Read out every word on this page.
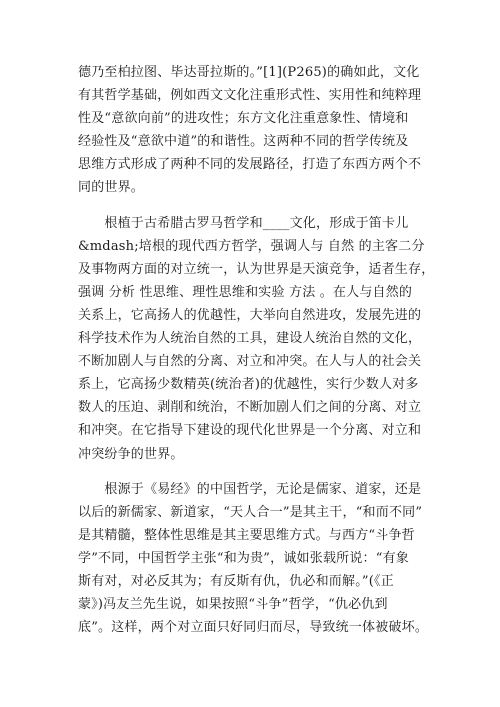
德乃至柏拉图、毕达哥拉斯的。”[1](P265)的确如此，文化
有其哲学基础，例如西文文化注重形式性、实用性和纯粹理
性及“意欲向前”的进攻性；东方文化注重意象性、情境和
经验性及“意欲中道”的和谐性。这两种不同的哲学传统及
思维方式形成了两种不同的发展路径，打造了东西方两个不
同的世界。
　　根植于古希腊古罗马哲学和____文化，形成于笛卡儿
&mdash;培根的现代西方哲学，强调人与 自然 的主客二分
及事物两方面的对立统一，认为世界是天演竞争，适者生存，
强调 分析 性思维、理性思维和实验 方法 。在人与自然的
关系上，它高扬人的优越性，大举向自然进攻，发展先进的
科学技术作为人统治自然的工具，建设人统治自然的文化，
不断加剧人与自然的分离、对立和冲突。在人与人的社会关
系上，它高扬少数精英(统治者)的优越性，实行少数人对多
数人的压迫、剥削和统治，不断加剧人们之间的分离、对立
和冲突。在它指导下建设的现代化世界是一个分离、对立和
冲突纷争的世界。
　　根源于《易经》的中国哲学，无论是儒家、道家，还是
以后的新儒家、新道家，“天人合一”是其主干，“和而不同”
是其精髓，整体性思维是其主要思维方式。与西方“斗争哲
学”不同，中国哲学主张“和为贵”，诚如张载所说：“有象
斯有对，对必反其为；有反斯有仇，仇必和而解。”(《正
蒙》)冯友兰先生说，如果按照“斗争”哲学，“仇必仇到
底”。这样，两个对立面只好同归而尽，导致统一体被破坏。
